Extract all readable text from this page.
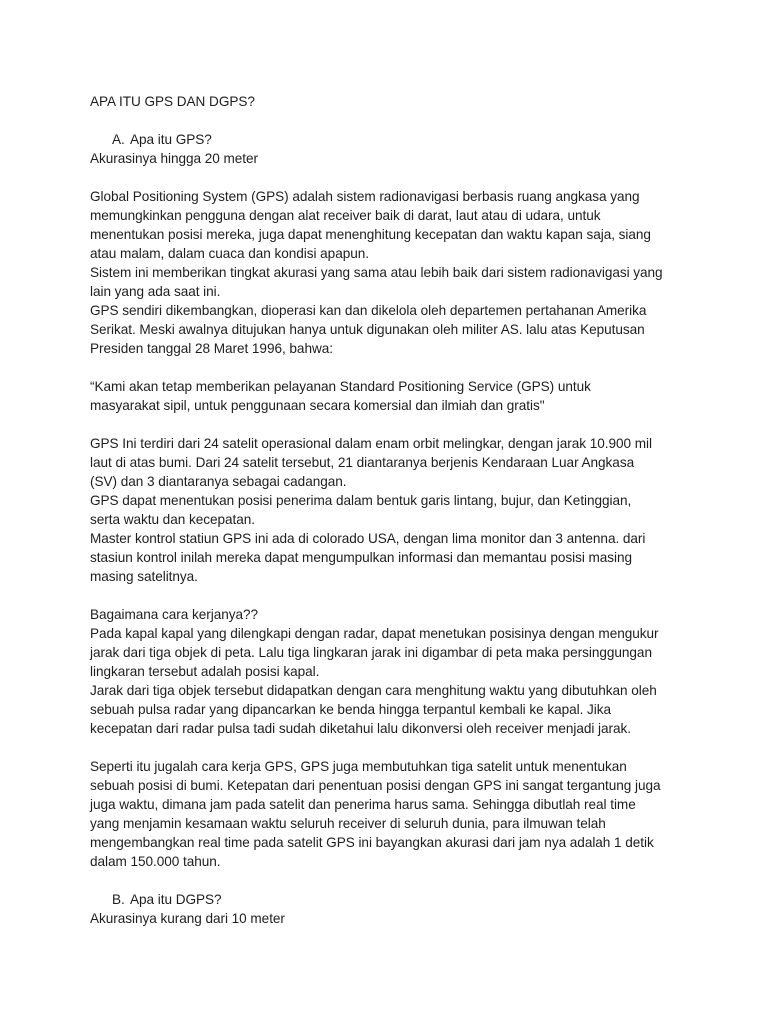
APA ITU GPS DAN DGPS?
A. Apa itu GPS?
Akurasinya hingga 20 meter
Global Positioning System (GPS) adalah sistem radionavigasi berbasis ruang angkasa yang
memungkinkan pengguna dengan alat receiver baik di darat, laut atau di udara, untuk
menentukan posisi mereka, juga dapat menenghitung kecepatan dan waktu kapan saja, siang
atau malam, dalam cuaca dan kondisi apapun.
Sistem ini memberikan tingkat akurasi yang sama atau lebih baik dari sistem radionavigasi yang
lain yang ada saat ini.
GPS sendiri dikembangkan, dioperasi kan dan dikelola oleh departemen pertahanan Amerika
Serikat. Meski awalnya ditujukan hanya untuk digunakan oleh militer AS. lalu atas Keputusan
Presiden tanggal 28 Maret 1996, bahwa:
“Kami akan tetap memberikan pelayanan Standard Positioning Service (GPS) untuk
masyarakat sipil, untuk penggunaan secara komersial dan ilmiah dan gratis"
GPS Ini terdiri dari 24 satelit operasional dalam enam orbit melingkar, dengan jarak 10.900 mil
laut di atas bumi. Dari 24 satelit tersebut, 21 diantaranya berjenis Kendaraan Luar Angkasa
(SV) dan 3 diantaranya sebagai cadangan.
GPS dapat menentukan posisi penerima dalam bentuk garis lintang, bujur, dan Ketinggian,
serta waktu dan kecepatan.
Master kontrol statiun GPS ini ada di colorado USA, dengan lima monitor dan 3 antenna. dari
stasiun kontrol inilah mereka dapat mengumpulkan informasi dan memantau posisi masing
masing satelitnya.
Bagaimana cara kerjanya??
Pada kapal kapal yang dilengkapi dengan radar, dapat menetukan posisinya dengan mengukur
jarak dari tiga objek di peta. Lalu tiga lingkaran jarak ini digambar di peta maka persinggungan
lingkaran tersebut adalah posisi kapal.
Jarak dari tiga objek tersebut didapatkan dengan cara menghitung waktu yang dibutuhkan oleh
sebuah pulsa radar yang dipancarkan ke benda hingga terpantul kembali ke kapal. Jika
kecepatan dari radar pulsa tadi sudah diketahui lalu dikonversi oleh receiver menjadi jarak.
Seperti itu jugalah cara kerja GPS, GPS juga membutuhkan tiga satelit untuk menentukan
sebuah posisi di bumi. Ketepatan dari penentuan posisi dengan GPS ini sangat tergantung juga
juga waktu, dimana jam pada satelit dan penerima harus sama. Sehingga dibutlah real time
yang menjamin kesamaan waktu seluruh receiver di seluruh dunia, para ilmuwan telah
mengembangkan real time pada satelit GPS ini bayangkan akurasi dari jam nya adalah 1 detik
dalam 150.000 tahun.
B. Apa itu DGPS?
Akurasinya kurang dari 10 meter
